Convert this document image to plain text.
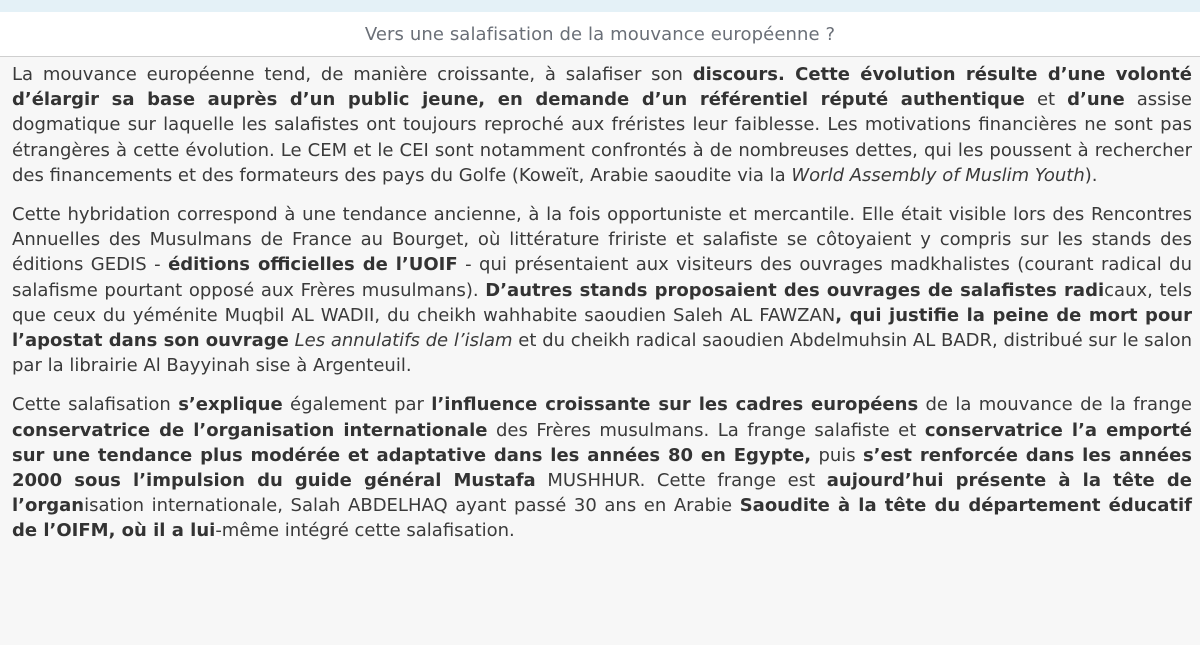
Vers une salafisation de la mouvance européenne ?

La mouvance européenne tend, de manière croissante, à salafiser son discours. Cette évolution résulte d’une volonté d’élargir sa base auprès d’un public jeune, en demande d’un référentiel réputé authentique et d’une assise dogmatique sur laquelle les salafistes ont toujours reproché aux fréristes leur faiblesse. Les motivations financières ne sont pas étrangères à cette évolution. Le CEM et le CEI sont notamment confrontés à de nombreuses dettes, qui les poussent à rechercher des financements et des formateurs des pays du Golfe (Koweït, Arabie saoudite via la World Assembly of Muslim Youth).

Cette hybridation correspond à une tendance ancienne, à la fois opportuniste et mercantile. Elle était visible lors des Rencontres Annuelles des Musulmans de France au Bourget, où littérature fririste et salafiste se côtoyaient y compris sur les stands des éditions GEDIS - éditions officielles de l’UOIF - qui présentaient aux visiteurs des ouvrages madkhalistes (courant radical du salafisme pourtant opposé aux Frères musulmans). D’autres stands proposaient des ouvrages de salafistes radicaux, tels que ceux du yéménite Muqbil AL WADII, du cheikh wahhabite saoudien Saleh AL FAWZAN, qui justifie la peine de mort pour l’apostat dans son ouvrage Les annulatifs de l’islam et du cheikh radical saoudien Abdelmuhsin AL BADR, distribué sur le salon par la librairie Al Bayyinah sise à Argenteuil.

Cette salafisation s’explique également par l’influence croissante sur les cadres européens de la mouvance de la frange conservatrice de l’organisation internationale des Frères musulmans. La frange salafiste et conservatrice l’a emporté sur une tendance plus modérée et adaptative dans les années 80 en Egypte, puis s’est renforcée dans les années 2000 sous l’impulsion du guide général Mustafa MUSHHUR. Cette frange est aujourd’hui présente à la tête de l’organisation internationale, Salah ABDELHAQ ayant passé 30 ans en Arabie Saoudite à la tête du département éducatif de l’OIFM, où il a lui-même intégré cette salafisation.
